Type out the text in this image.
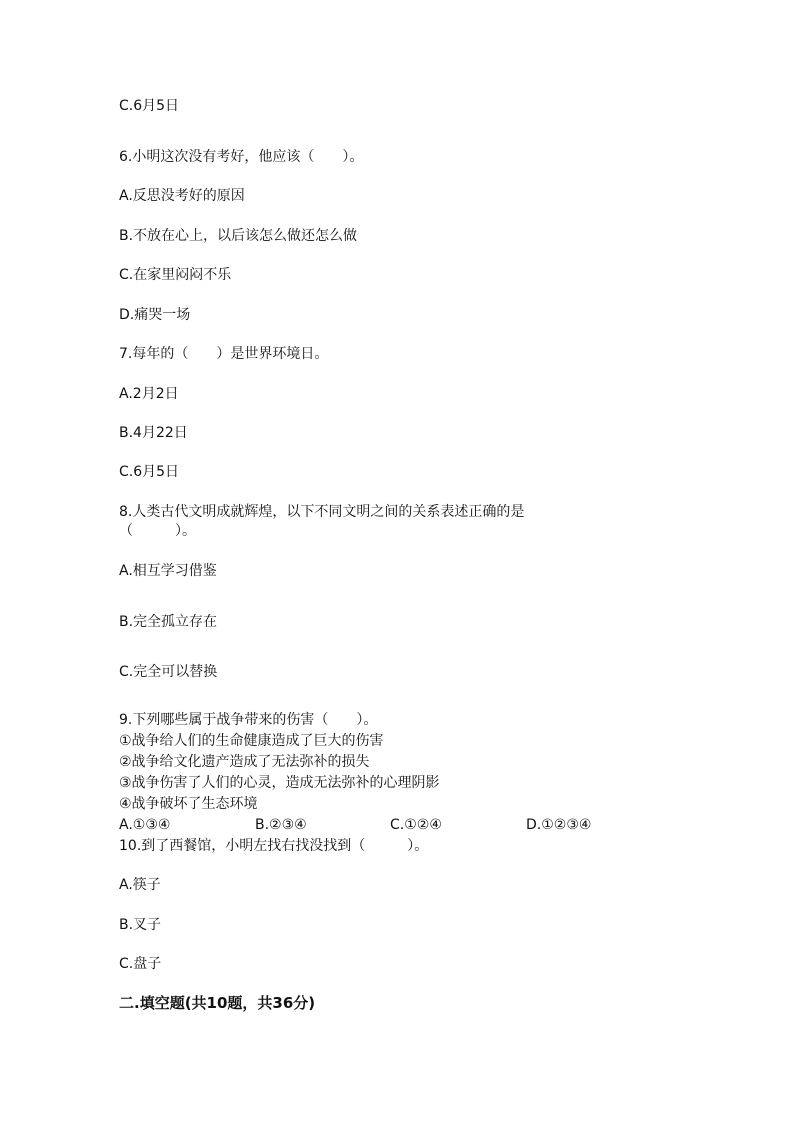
C.6月5日
6.小明这次没有考好，他应该（　　）。
A.反思没考好的原因
B.不放在心上，以后该怎么做还怎么做
C.在家里闷闷不乐
D.痛哭一场
7.每年的（　　）是世界环境日。
A.2月2日
B.4月22日
C.6月5日
8.人类古代文明成就辉煌，以下不同文明之间的关系表述正确的是
（　　　）。
A.相互学习借鉴
B.完全孤立存在
C.完全可以替换
9.下列哪些属于战争带来的伤害（　　）。
①战争给人们的生命健康造成了巨大的伤害
②战争给文化遗产造成了无法弥补的损失
③战争伤害了人们的心灵，造成无法弥补的心理阴影
④战争破坏了生态环境
A.①③④	B.②③④	C.①②④	D.①②③④
10.到了西餐馆，小明左找右找没找到（　　　）。
A.筷子
B.叉子
C.盘子
二.填空题(共10题，共36分)
